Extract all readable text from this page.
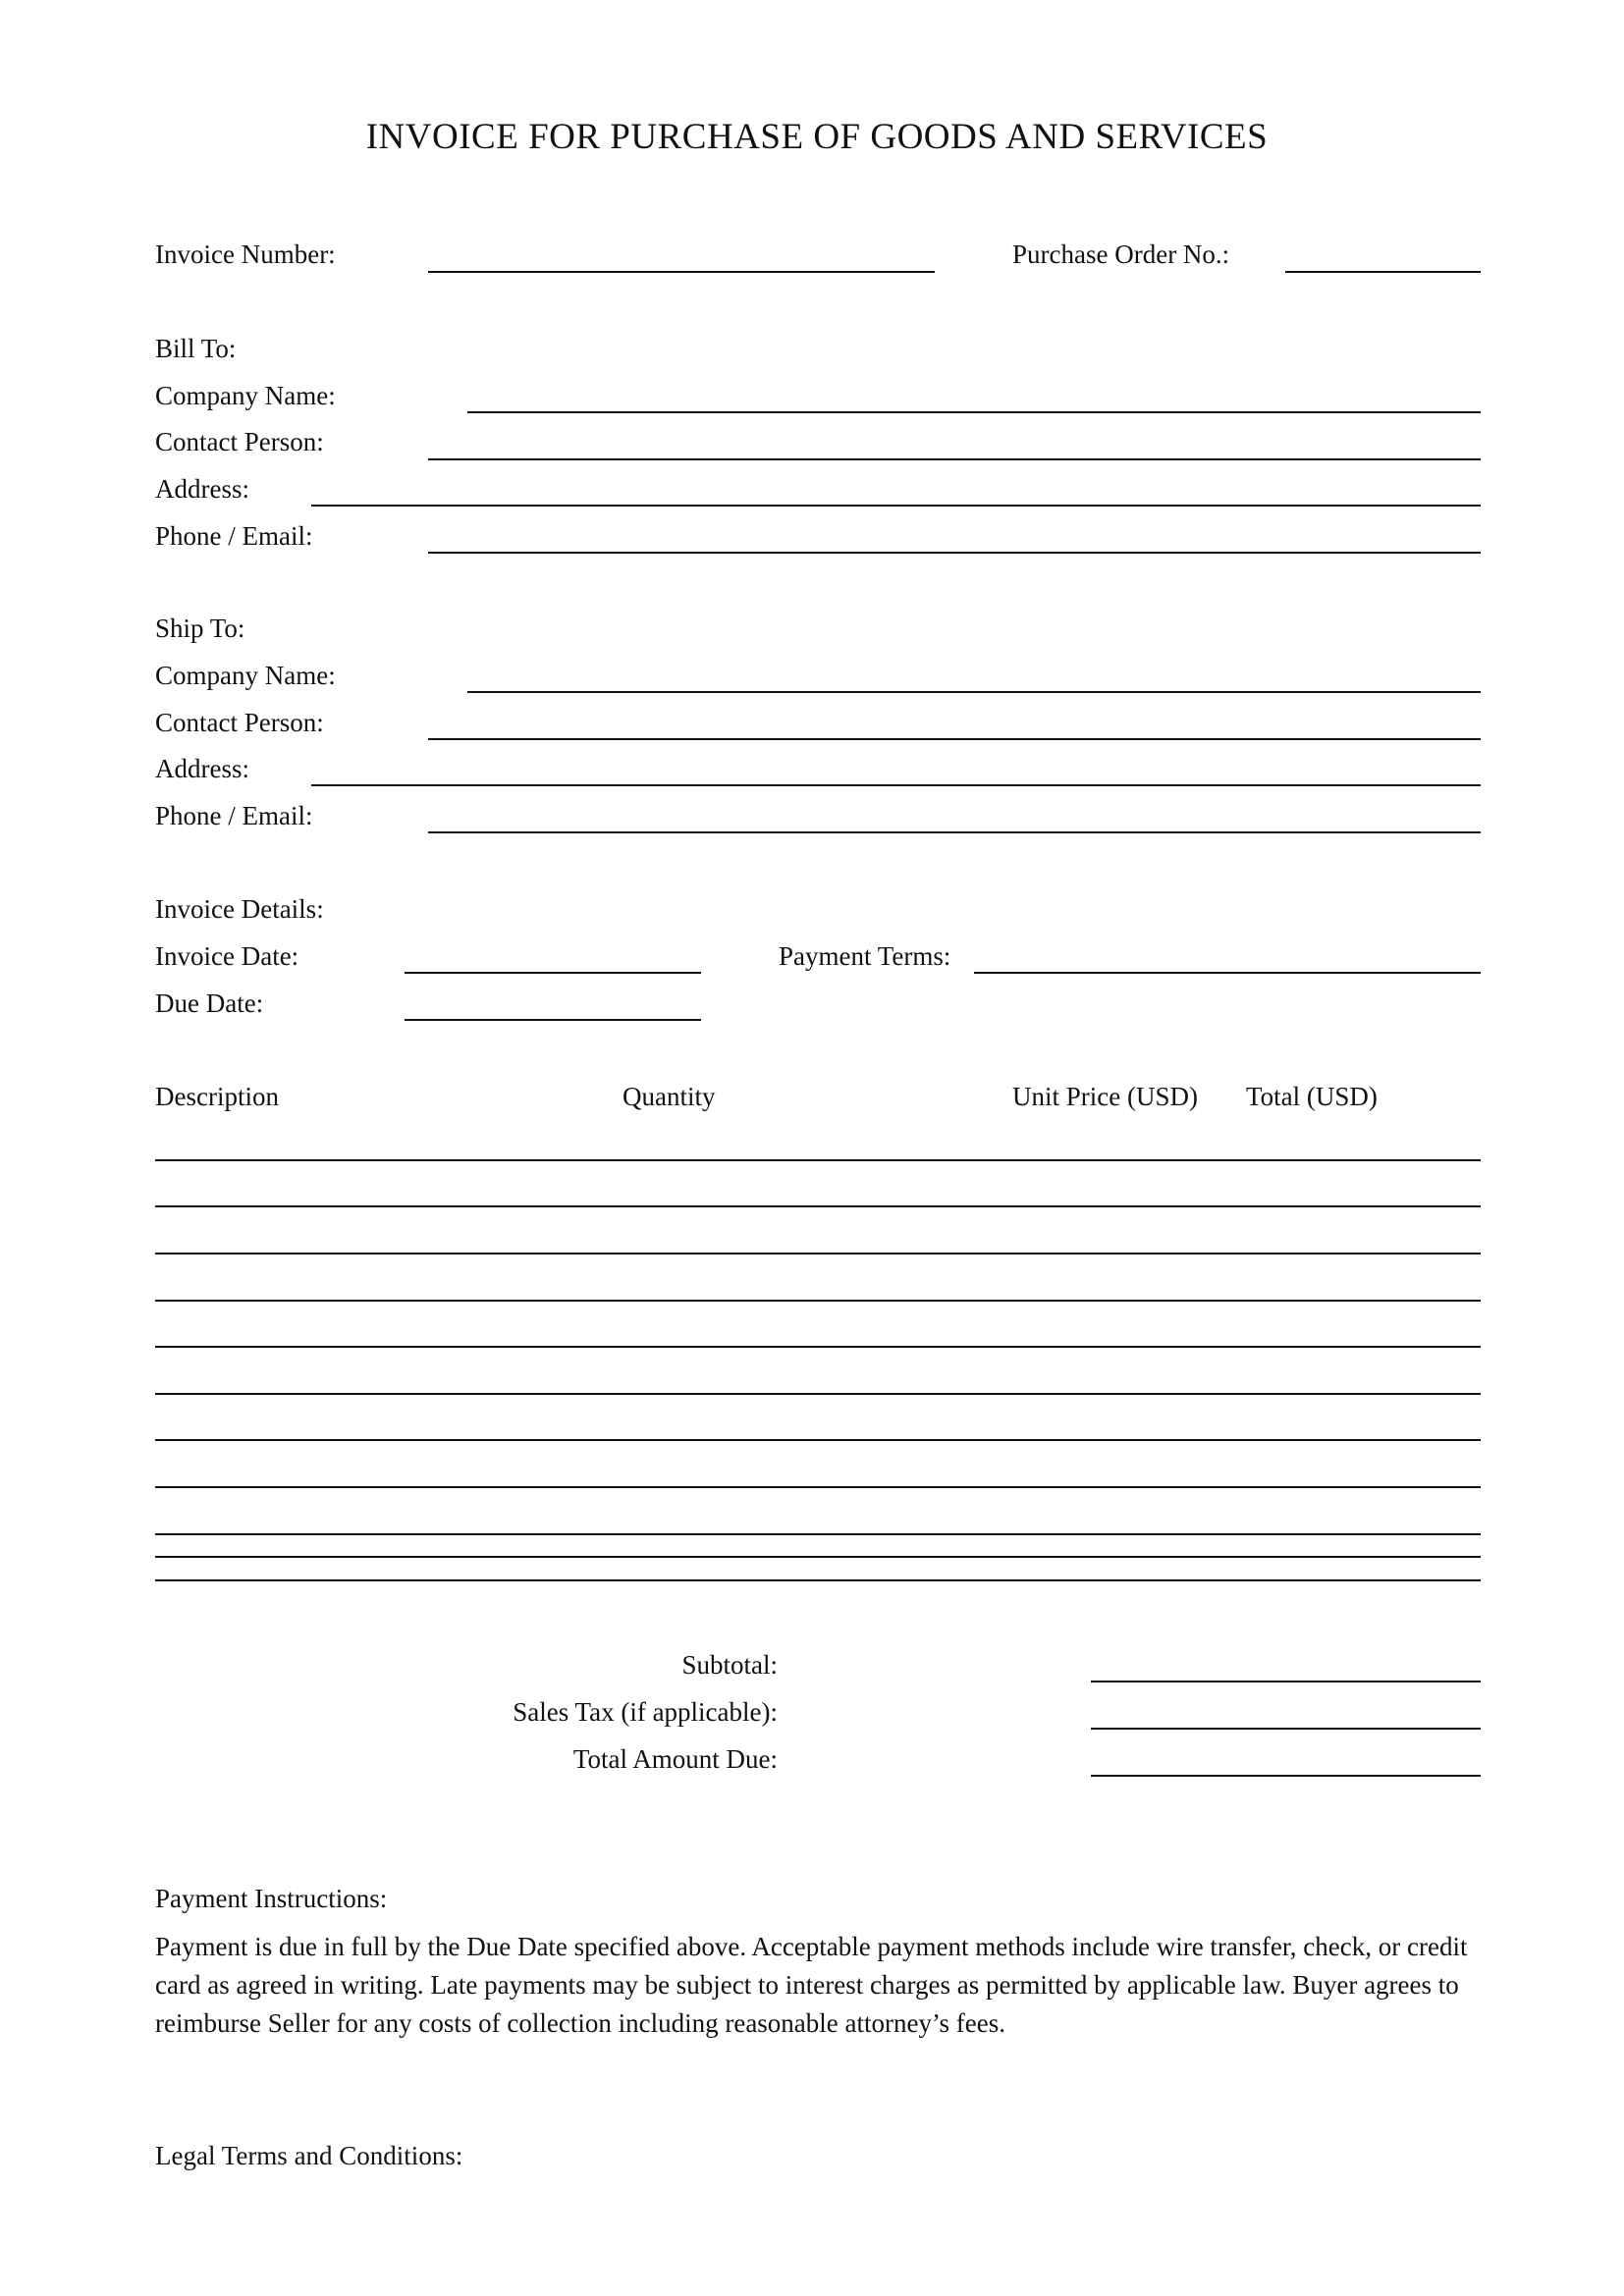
INVOICE FOR PURCHASE OF GOODS AND SERVICES
Invoice Number:	Purchase Order No.:
Bill To:
Company Name:
Contact Person:
Address:
Phone / Email:
Ship To:
Company Name:
Contact Person:
Address:
Phone / Email:
Invoice Details:
Invoice Date:	Payment Terms:
Due Date:
Description	Quantity	Unit Price (USD) Total (USD)
Subtotal:
Sales Tax (if applicable):
Total Amount Due:
Payment Instructions:
Payment is due in full by the Due Date specified above. Acceptable payment methods include wire transfer, check, or credit card as agreed in writing. Late payments may be subject to interest charges as permitted by applicable law. Buyer agrees to reimburse Seller for any costs of collection including reasonable attorney’s fees.
Legal Terms and Conditions:
